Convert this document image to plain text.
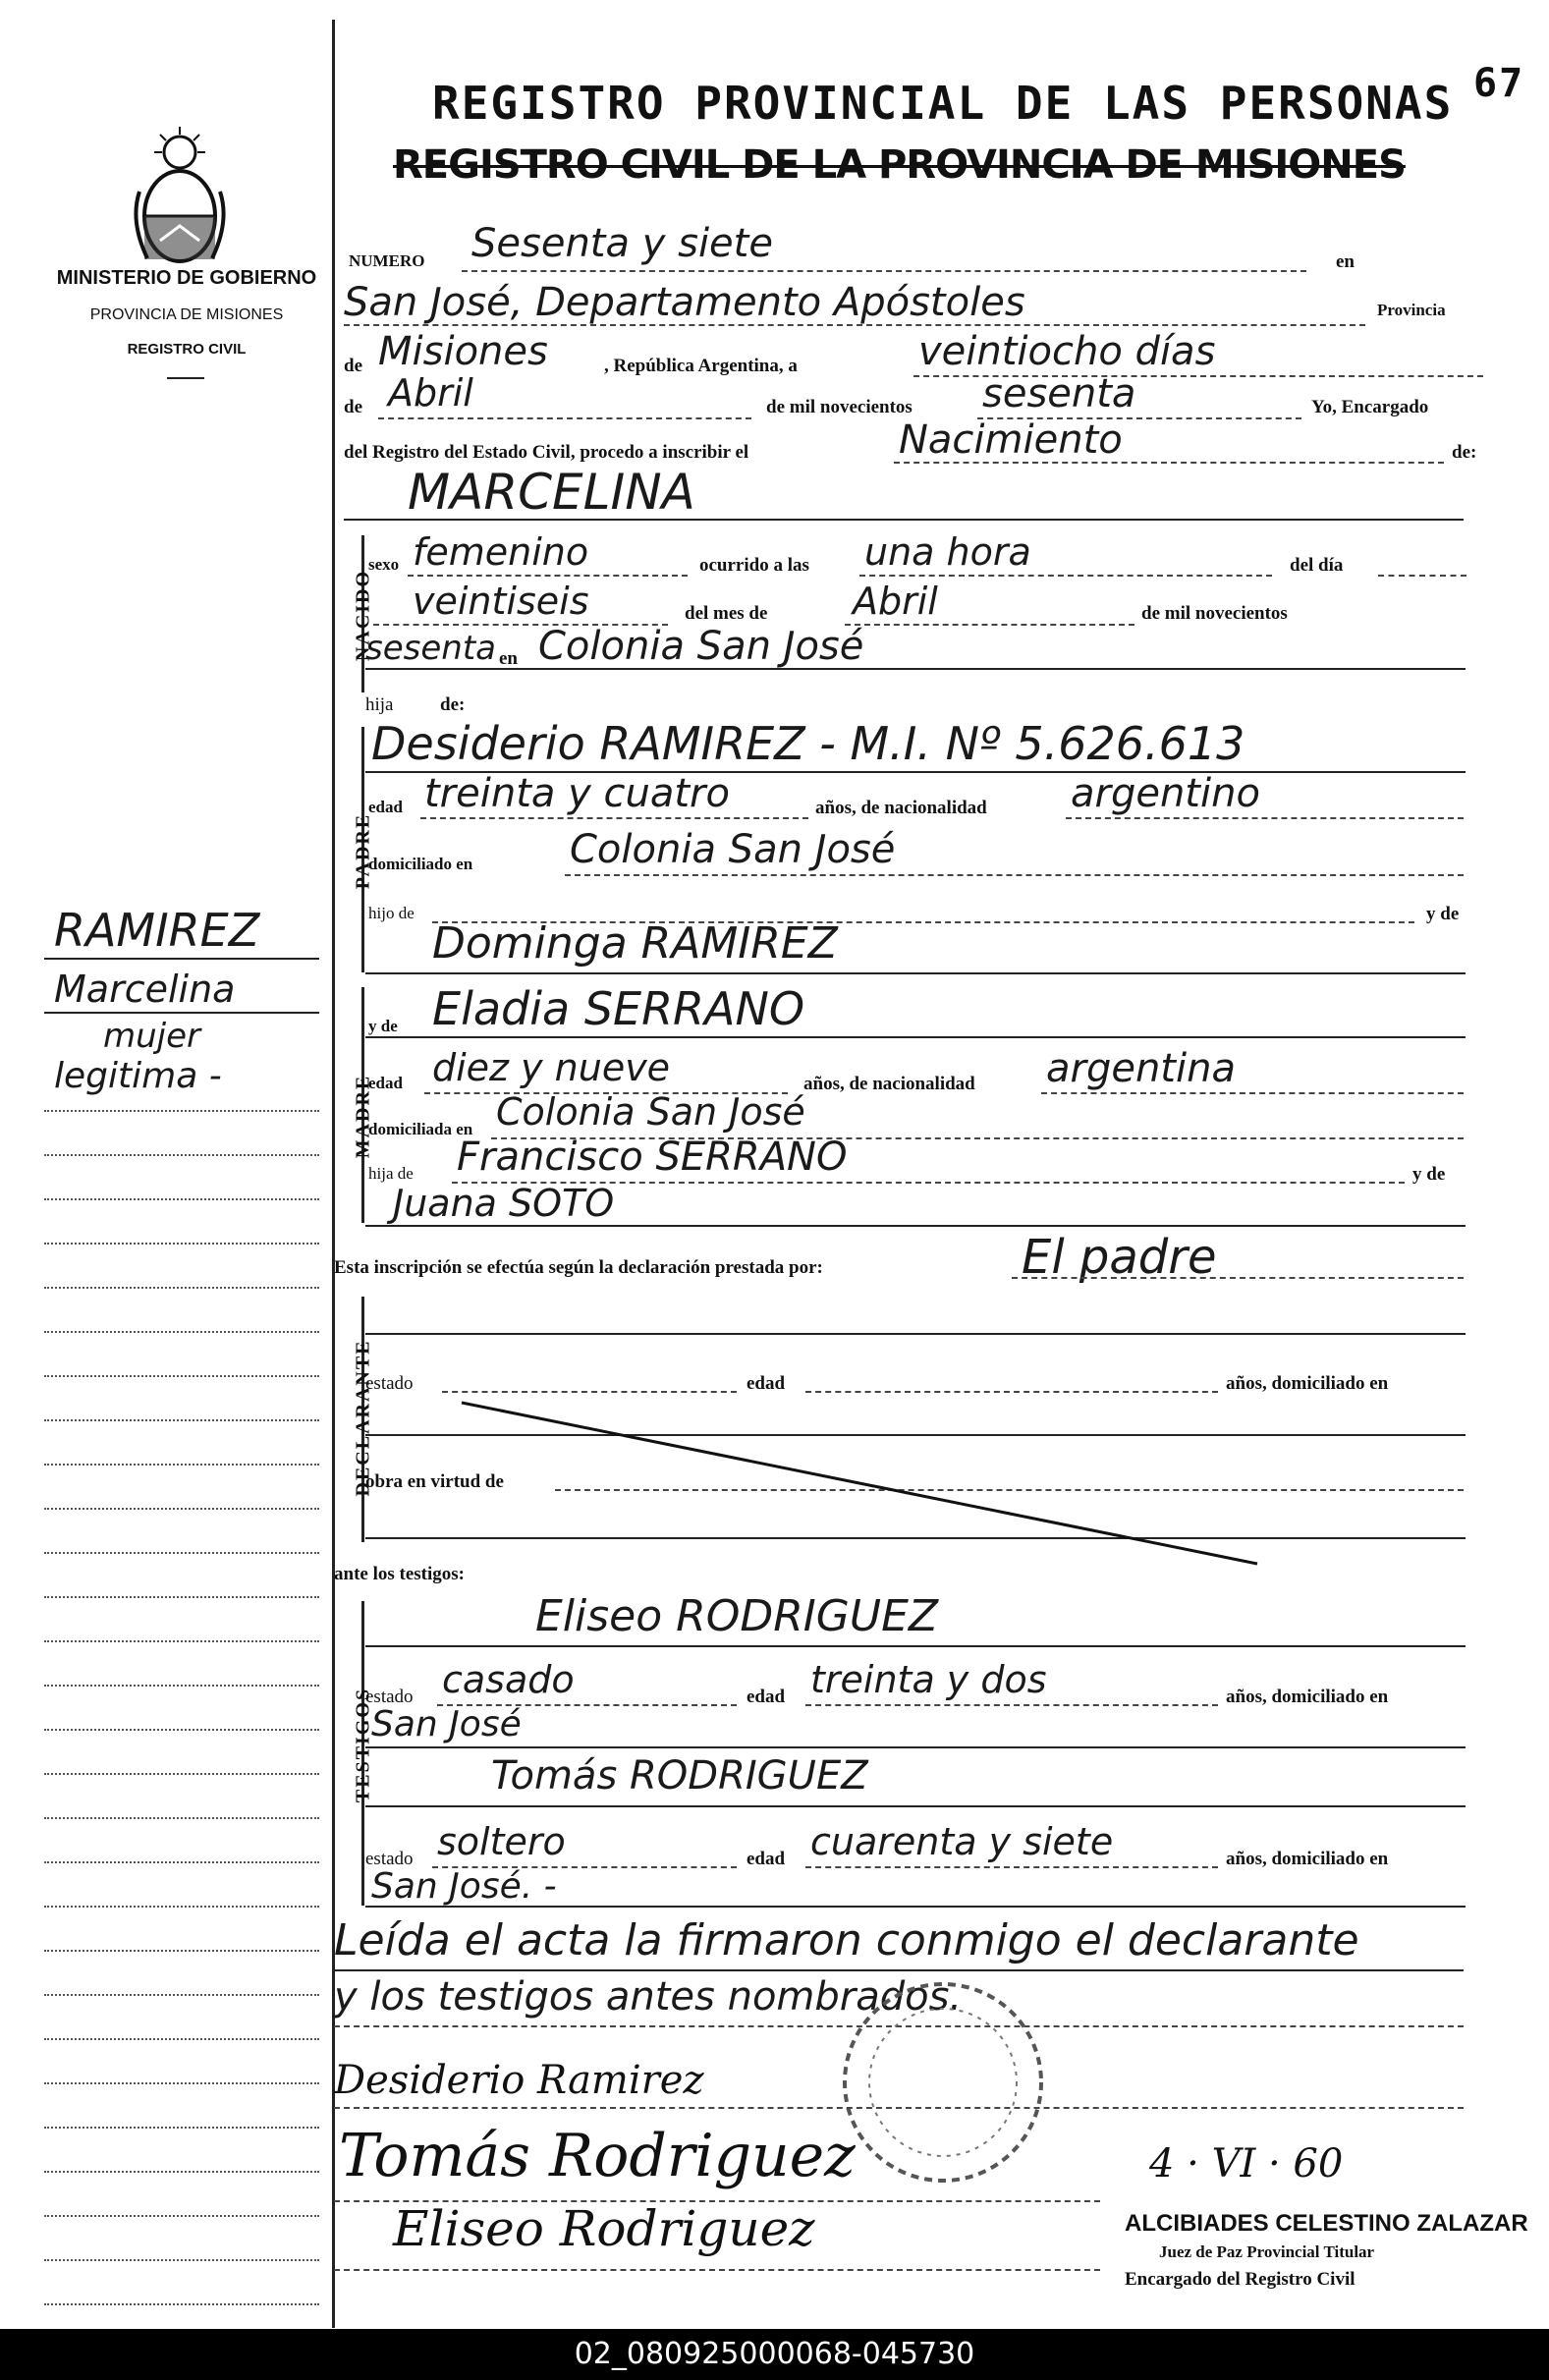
67
REGISTRO PROVINCIAL DE LAS PERSONAS
REGISTRO CIVIL DE LA PROVINCIA DE MISIONES
MINISTERIO DE GOBIERNO
PROVINCIA DE MISIONES
REGISTRO CIVIL
RAMIREZ
Marcelina
mujer
legitima -
NUMERO Sesenta y siete	en
San José, Departamento Apóstoles	Provincia
de Misiones	, República Argentina, a	veintiocho días
de Abril	de mil novecientos sesenta	Yo, Encargado
del Registro del Estado Civil, procedo a inscribir el	Nacimiento	de:
MARCELINA
NACIDO
sexo femenino	ocurrido a las una hora	del día
veintiseis	del mes de Abril	de mil novecientos
sesenta en Colonia San José
hija	de:
PADRE
Desiderio RAMIREZ - M.I. Nº 5.626.613
edad treinta y cuatro	años, de nacionalidad argentino
domiciliado en Colonia San José
hijo de	y de
Dominga RAMIREZ
MADRE
y de Eladia SERRANO
edad diez y nueve	años, de nacionalidad argentina
domiciliada en Colonia San José
hija de Francisco SERRANO	y de
Juana SOTO
Esta inscripción se efectúa según la declaración prestada por:	El padre
DECLARANTE
estado	edad	años, domiciliado en
obra en virtud de
ante los testigos:
TESTIGOS
Eliseo RODRIGUEZ
estado casado	edad treinta y dos	años, domiciliado en
San José
Tomás RODRIGUEZ
estado soltero	edad cuarenta y siete	años, domiciliado en
San José. -
Leída el acta la firmaron conmigo el declarante
y los testigos antes nombrados.
Desiderio Ramirez
Tomás Rodriguez	4 · VI · 60
Eliseo Rodriguez	ALCIBIADES CELESTINO ZALAZAR
Juez de Paz Provincial Titular
Encargado del Registro Civil
02_080925000068-045730
